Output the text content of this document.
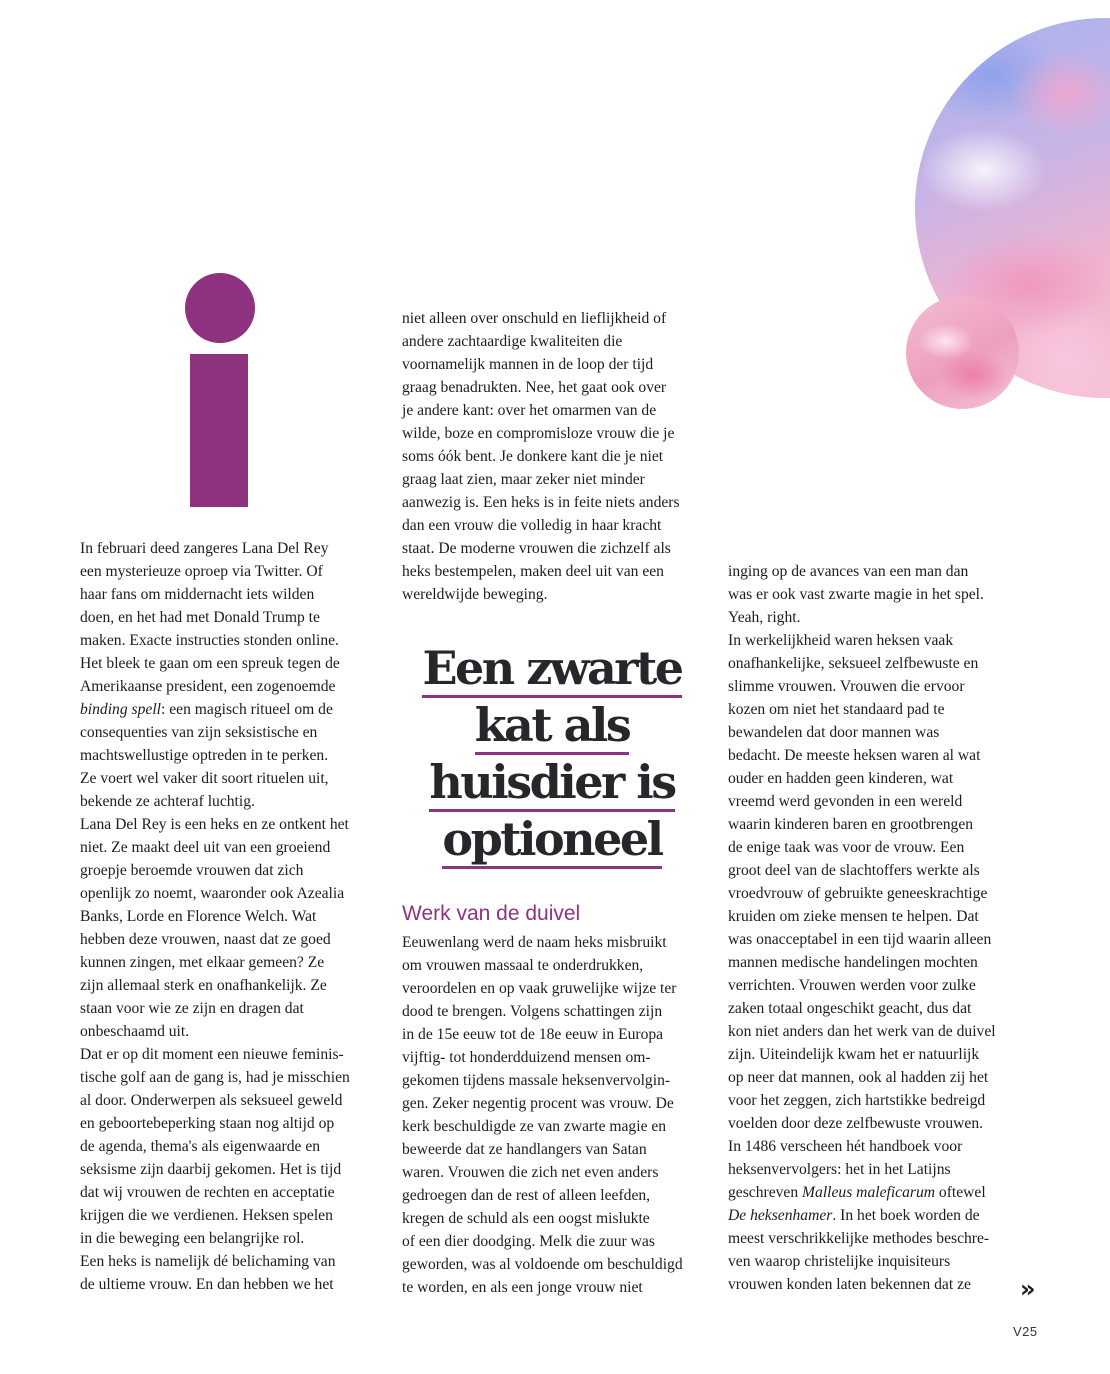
In februari deed zangeres Lana Del Rey

een mysterieuze oproep via Twitter. Of

haar fans om middernacht iets wilden

doen, en het had met Donald Trump te

maken. Exacte instructies stonden online.

Het bleek te gaan om een spreuk tegen de

Amerikaanse president, een zogenoemde

binding spell: een magisch ritueel om de

consequenties van zijn seksistische en

machtswellustige optreden in te perken.

Ze voert wel vaker dit soort rituelen uit,

bekende ze achteraf luchtig.

Lana Del Rey is een heks en ze ontkent het

niet. Ze maakt deel uit van een groeiend

groepje beroemde vrouwen dat zich

openlijk zo noemt, waaronder ook Azealia

Banks, Lorde en Florence Welch. Wat

hebben deze vrouwen, naast dat ze goed

kunnen zingen, met elkaar gemeen? Ze

zijn allemaal sterk en onafhankelijk. Ze

staan voor wie ze zijn en dragen dat

onbeschaamd uit.

Dat er op dit moment een nieuwe feminis-

tische golf aan de gang is, had je misschien

al door. Onderwerpen als seksueel geweld

en geboortebeperking staan nog altijd op

de agenda, thema's als eigenwaarde en

seksisme zijn daarbij gekomen. Het is tijd

dat wij vrouwen de rechten en acceptatie

krijgen die we verdienen. Heksen spelen

in die beweging een belangrijke rol.

Een heks is namelijk dé belichaming van

de ultieme vrouw. En dan hebben we het

niet alleen over onschuld en lieflijkheid of

andere zachtaardige kwaliteiten die

voornamelijk mannen in de loop der tijd

graag benadrukten. Nee, het gaat ook over

je andere kant: over het omarmen van de

wilde, boze en compromisloze vrouw die je

soms óók bent. Je donkere kant die je niet

graag laat zien, maar zeker niet minder

aanwezig is. Een heks is in feite niets anders

dan een vrouw die volledig in haar kracht

staat. De moderne vrouwen die zichzelf als

heks bestempelen, maken deel uit van een

wereldwijde beweging.

Een zwarte
kat als
huisdier is
optioneel
Werk van de duivel

Eeuwenlang werd de naam heks misbruikt

om vrouwen massaal te onderdrukken,

veroordelen en op vaak gruwelijke wijze ter

dood te brengen. Volgens schattingen zijn

in de 15e eeuw tot de 18e eeuw in Europa

vijftig- tot honderdduizend mensen om-

gekomen tijdens massale heksenvervolgin-

gen. Zeker negentig procent was vrouw. De

kerk beschuldigde ze van zwarte magie en

beweerde dat ze handlangers van Satan

waren. Vrouwen die zich net even anders

gedroegen dan de rest of alleen leefden,

kregen de schuld als een oogst mislukte

of een dier doodging. Melk die zuur was

geworden, was al voldoende om beschuldigd

te worden, en als een jonge vrouw niet

inging op de avances van een man dan

was er ook vast zwarte magie in het spel.

Yeah, right.

In werkelijkheid waren heksen vaak

onafhankelijke, seksueel zelfbewuste en

slimme vrouwen. Vrouwen die ervoor

kozen om niet het standaard pad te

bewandelen dat door mannen was

bedacht. De meeste heksen waren al wat

ouder en hadden geen kinderen, wat

vreemd werd gevonden in een wereld

waarin kinderen baren en grootbrengen

de enige taak was voor de vrouw. Een

groot deel van de slachtoffers werkte als

vroedvrouw of gebruikte geneeskrachtige

kruiden om zieke mensen te helpen. Dat

was onacceptabel in een tijd waarin alleen

mannen medische handelingen mochten

verrichten. Vrouwen werden voor zulke

zaken totaal ongeschikt geacht, dus dat

kon niet anders dan het werk van de duivel

zijn. Uiteindelijk kwam het er natuurlijk

op neer dat mannen, ook al hadden zij het

voor het zeggen, zich hartstikke bedreigd

voelden door deze zelfbewuste vrouwen.

In 1486 verscheen hét handboek voor

heksenvervolgers: het in het Latijns

geschreven Malleus maleficarum oftewel

De heksenhamer. In het boek worden de

meest verschrikkelijke methodes beschre-

ven waarop christelijke inquisiteurs

vrouwen konden laten bekennen dat ze	»
V25
